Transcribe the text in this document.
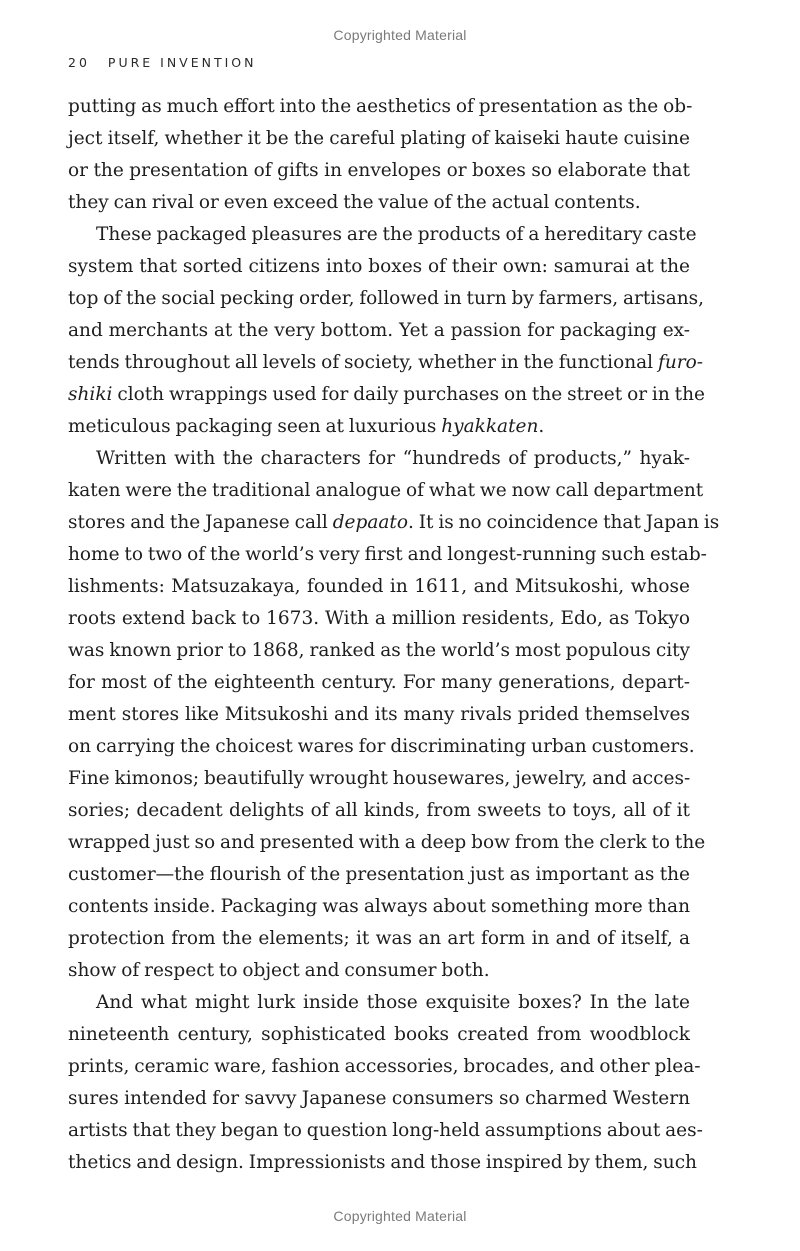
Copyrighted Material
20 PURE INVENTION
putting as much effort into the aesthetics of presentation as the ob-
ject itself, whether it be the careful plating of kaiseki haute cuisine
or the presentation of gifts in envelopes or boxes so elaborate that
they can rival or even exceed the value of the actual contents.
These packaged pleasures are the products of a hereditary caste
system that sorted citizens into boxes of their own: samurai at the
top of the social pecking order, followed in turn by farmers, artisans,
and merchants at the very bottom. Yet a passion for packaging ex-
tends throughout all levels of society, whether in the functional furo-
shiki cloth wrappings used for daily purchases on the street or in the
meticulous packaging seen at luxurious hyakkaten.
Written with the characters for “hundreds of products,” hyak-
katen were the traditional analogue of what we now call department
stores and the Japanese call depaato. It is no coincidence that Japan is
home to two of the world’s very first and longest-running such estab-
lishments: Matsuzakaya, founded in 1611, and Mitsukoshi, whose
roots extend back to 1673. With a million residents, Edo, as Tokyo
was known prior to 1868, ranked as the world’s most populous city
for most of the eighteenth century. For many generations, depart-
ment stores like Mitsukoshi and its many rivals prided themselves
on carrying the choicest wares for discriminating urban customers.
Fine kimonos; beautifully wrought housewares, jewelry, and acces-
sories; decadent delights of all kinds, from sweets to toys, all of it
wrapped just so and presented with a deep bow from the clerk to the
customer—the flourish of the presentation just as important as the
contents inside. Packaging was always about something more than
protection from the elements; it was an art form in and of itself, a
show of respect to object and consumer both.
And what might lurk inside those exquisite boxes? In the late
nineteenth century, sophisticated books created from woodblock
prints, ceramic ware, fashion accessories, brocades, and other plea-
sures intended for savvy Japanese consumers so charmed Western
artists that they began to question long-held assumptions about aes-
thetics and design. Impressionists and those inspired by them, such
Copyrighted Material
